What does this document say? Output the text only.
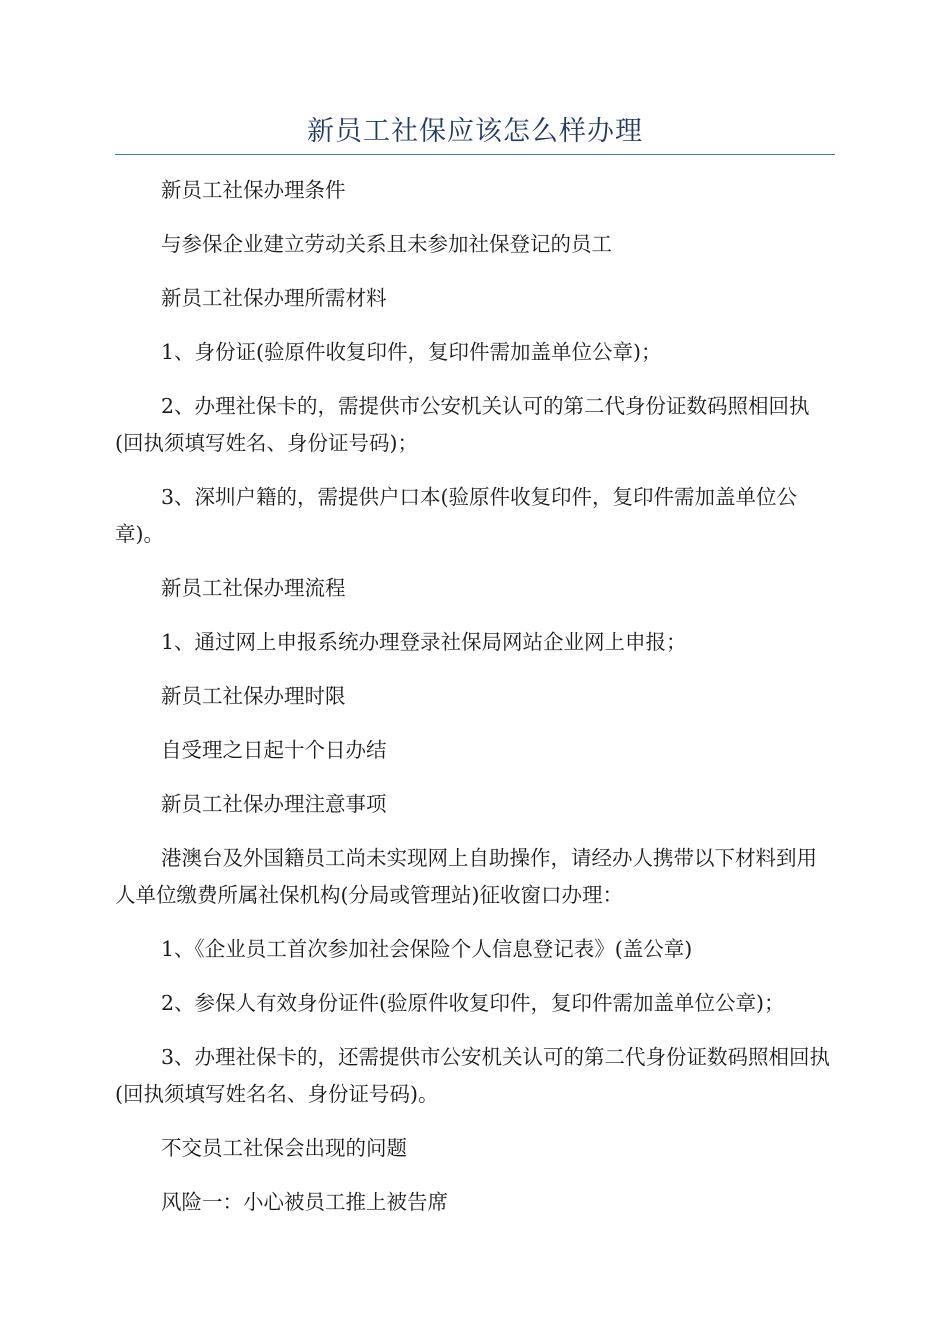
新员工社保应该怎么样办理

新员工社保办理条件

与参保企业建立劳动关系且未参加社保登记的员工

新员工社保办理所需材料

1、身份证(验原件收复印件，复印件需加盖单位公章)；

2、办理社保卡的，需提供市公安机关认可的第二代身份证数码照相回执(回执须填写姓名、身份证号码)；

3、深圳户籍的，需提供户口本(验原件收复印件，复印件需加盖单位公章)。

新员工社保办理流程

1、通过网上申报系统办理登录社保局网站企业网上申报；

新员工社保办理时限

自受理之日起十个日办结

新员工社保办理注意事项

港澳台及外国籍员工尚未实现网上自助操作，请经办人携带以下材料到用人单位缴费所属社保机构(分局或管理站)征收窗口办理：

1、《企业员工首次参加社会保险个人信息登记表》(盖公章)

2、参保人有效身份证件(验原件收复印件，复印件需加盖单位公章)；

3、办理社保卡的，还需提供市公安机关认可的第二代身份证数码照相回执(回执须填写姓名名、身份证号码)。

不交员工社保会出现的问题

风险一：小心被员工推上被告席
